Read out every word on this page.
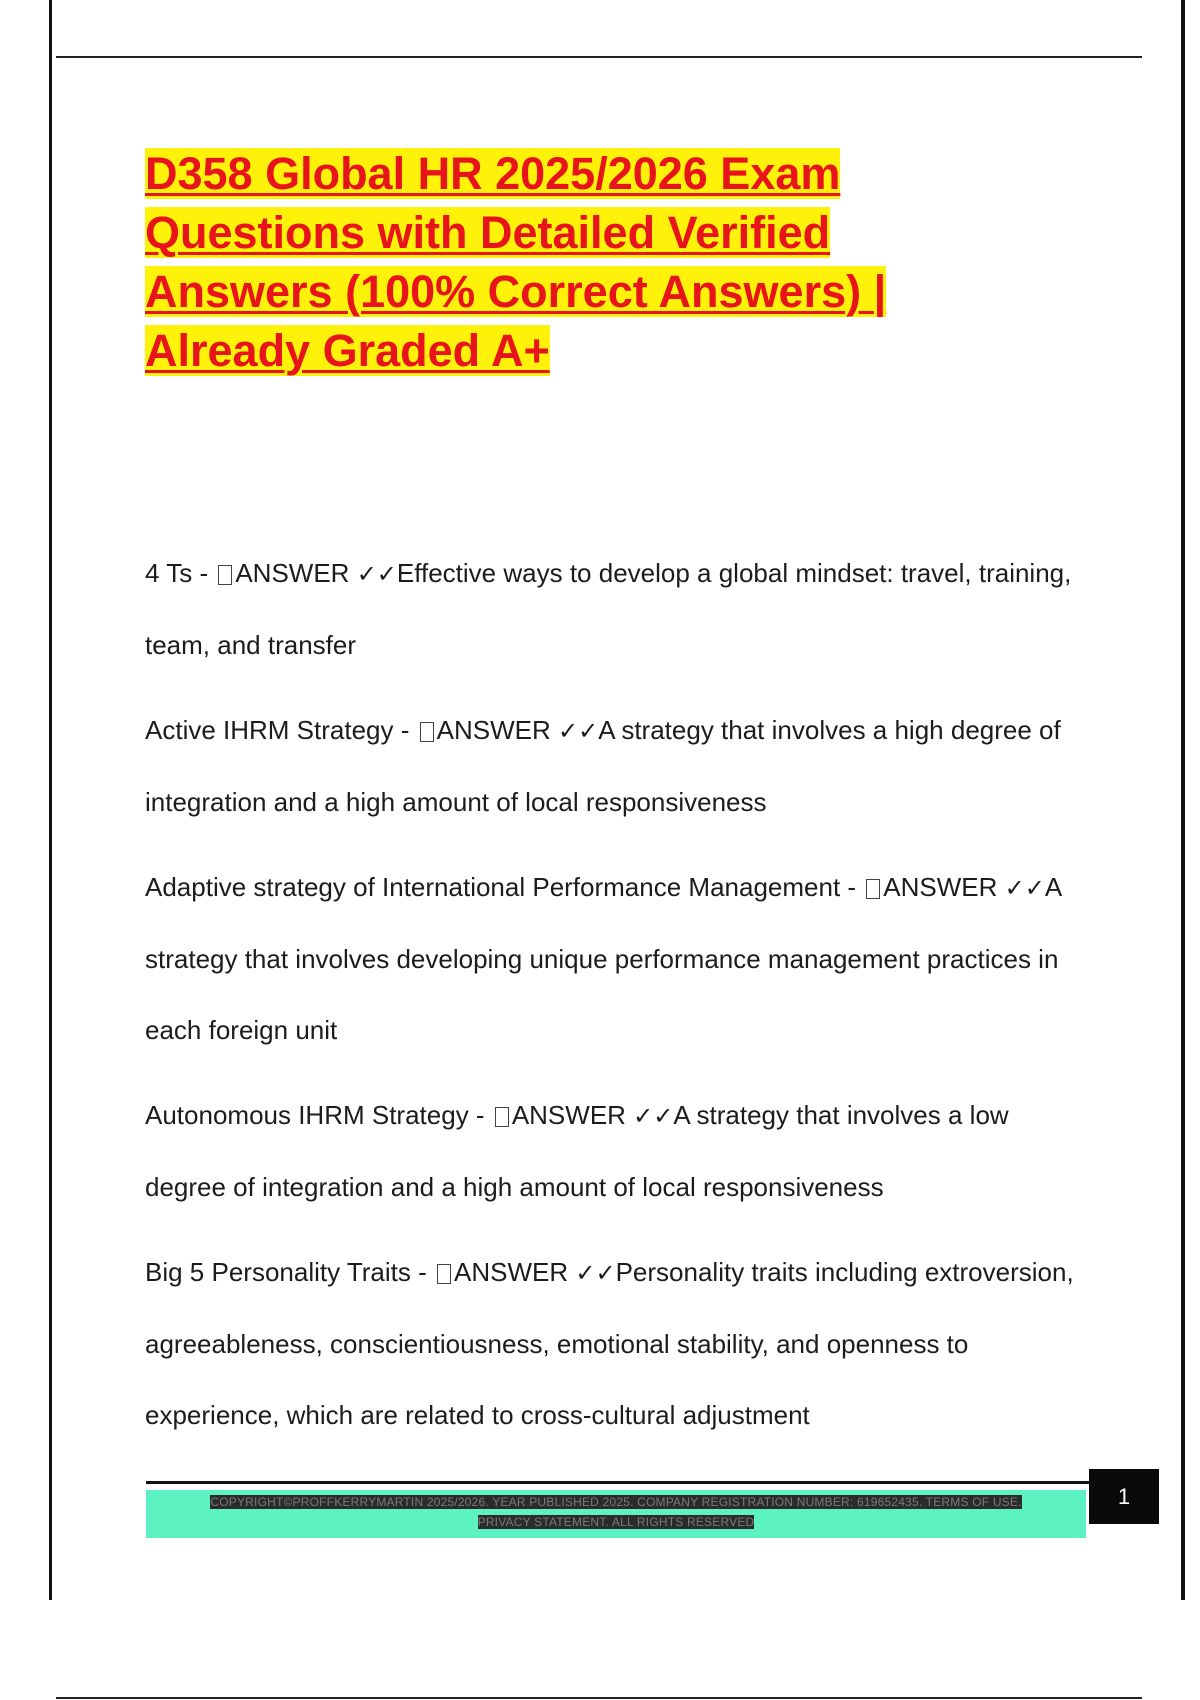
D358 Global HR 2025/2026 Exam
Questions with Detailed Verified
Answers (100% Correct Answers) |
Already Graded A+

4 Ts - ANSWER ✓✓Effective ways to develop a global mindset: travel, training, team, and transfer

Active IHRM Strategy - ANSWER ✓✓A strategy that involves a high degree of integration and a high amount of local responsiveness

Adaptive strategy of International Performance Management - ANSWER ✓✓A strategy that involves developing unique performance management practices in each foreign unit

Autonomous IHRM Strategy - ANSWER ✓✓A strategy that involves a low degree of integration and a high amount of local responsiveness

Big 5 Personality Traits - ANSWER ✓✓Personality traits including extroversion, agreeableness, conscientiousness, emotional stability, and openness to experience, which are related to cross-cultural adjustment

COPYRIGHT©PROFFKERRYMARTIN 2025/2026. YEAR PUBLISHED 2025. COMPANY REGISTRATION NUMBER: 619652435. TERMS OF USE.
PRIVACY STATEMENT. ALL RIGHTS RESERVED
1
